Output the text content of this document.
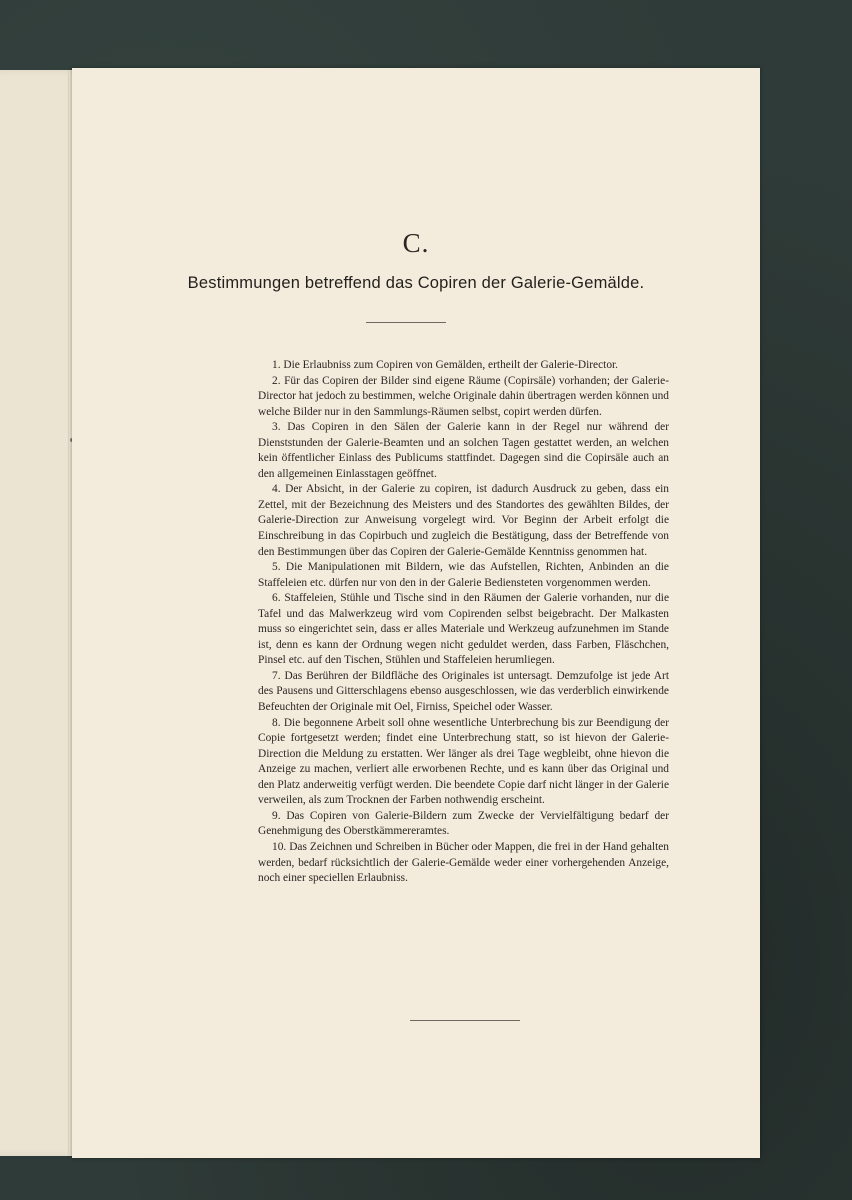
C.
Bestimmungen betreffend das Copiren der Galerie-Gemälde.

1. Die Erlaubniss zum Copiren von Gemälden, ertheilt der Galerie-Director.

2. Für das Copiren der Bilder sind eigene Räume (Copirsäle) vorhanden; der Galerie-Director hat jedoch zu bestimmen, welche Originale dahin übertragen werden können und welche Bilder nur in den Sammlungs-Räumen selbst, copirt werden dürfen.

3. Das Copiren in den Sälen der Galerie kann in der Regel nur während der Dienststunden der Galerie-Beamten und an solchen Tagen gestattet werden, an welchen kein öffentlicher Einlass des Publicums stattfindet. Dagegen sind die Copirsäle auch an den allgemeinen Einlasstagen geöffnet.

4. Der Absicht, in der Galerie zu copiren, ist dadurch Ausdruck zu geben, dass ein Zettel, mit der Bezeichnung des Meisters und des Standortes des gewählten Bildes, der Galerie-Direction zur Anweisung vorgelegt wird. Vor Beginn der Arbeit erfolgt die Einschreibung in das Copirbuch und zugleich die Bestätigung, dass der Betreffende von den Bestimmungen über das Copiren der Galerie-Gemälde Kenntniss genommen hat.

5. Die Manipulationen mit Bildern, wie das Aufstellen, Richten, Anbinden an die Staffeleien etc. dürfen nur von den in der Galerie Bediensteten vorgenommen werden.

6. Staffeleien, Stühle und Tische sind in den Räumen der Galerie vorhanden, nur die Tafel und das Malwerkzeug wird vom Copirenden selbst beigebracht. Der Malkasten muss so eingerichtet sein, dass er alles Materiale und Werkzeug aufzunehmen im Stande ist, denn es kann der Ordnung wegen nicht geduldet werden, dass Farben, Fläschchen, Pinsel etc. auf den Tischen, Stühlen und Staffeleien herumliegen.

7. Das Berühren der Bildfläche des Originales ist untersagt. Demzufolge ist jede Art des Pausens und Gitterschlagens ebenso ausgeschlossen, wie das verderblich einwirkende Befeuchten der Originale mit Oel, Firniss, Speichel oder Wasser.

8. Die begonnene Arbeit soll ohne wesentliche Unterbrechung bis zur Beendigung der Copie fortgesetzt werden; findet eine Unterbrechung statt, so ist hievon der Galerie-Direction die Meldung zu erstatten. Wer länger als drei Tage wegbleibt, ohne hievon die Anzeige zu machen, verliert alle erworbenen Rechte, und es kann über das Original und den Platz anderweitig verfügt werden. Die beendete Copie darf nicht länger in der Galerie verweilen, als zum Trocknen der Farben nothwendig erscheint.

9. Das Copiren von Galerie-Bildern zum Zwecke der Vervielfältigung bedarf der Genehmigung des Oberstkämmereramtes.

10. Das Zeichnen und Schreiben in Bücher oder Mappen, die frei in der Hand gehalten werden, bedarf rücksichtlich der Galerie-Gemälde weder einer vorhergehenden Anzeige, noch einer speciellen Erlaubniss.
